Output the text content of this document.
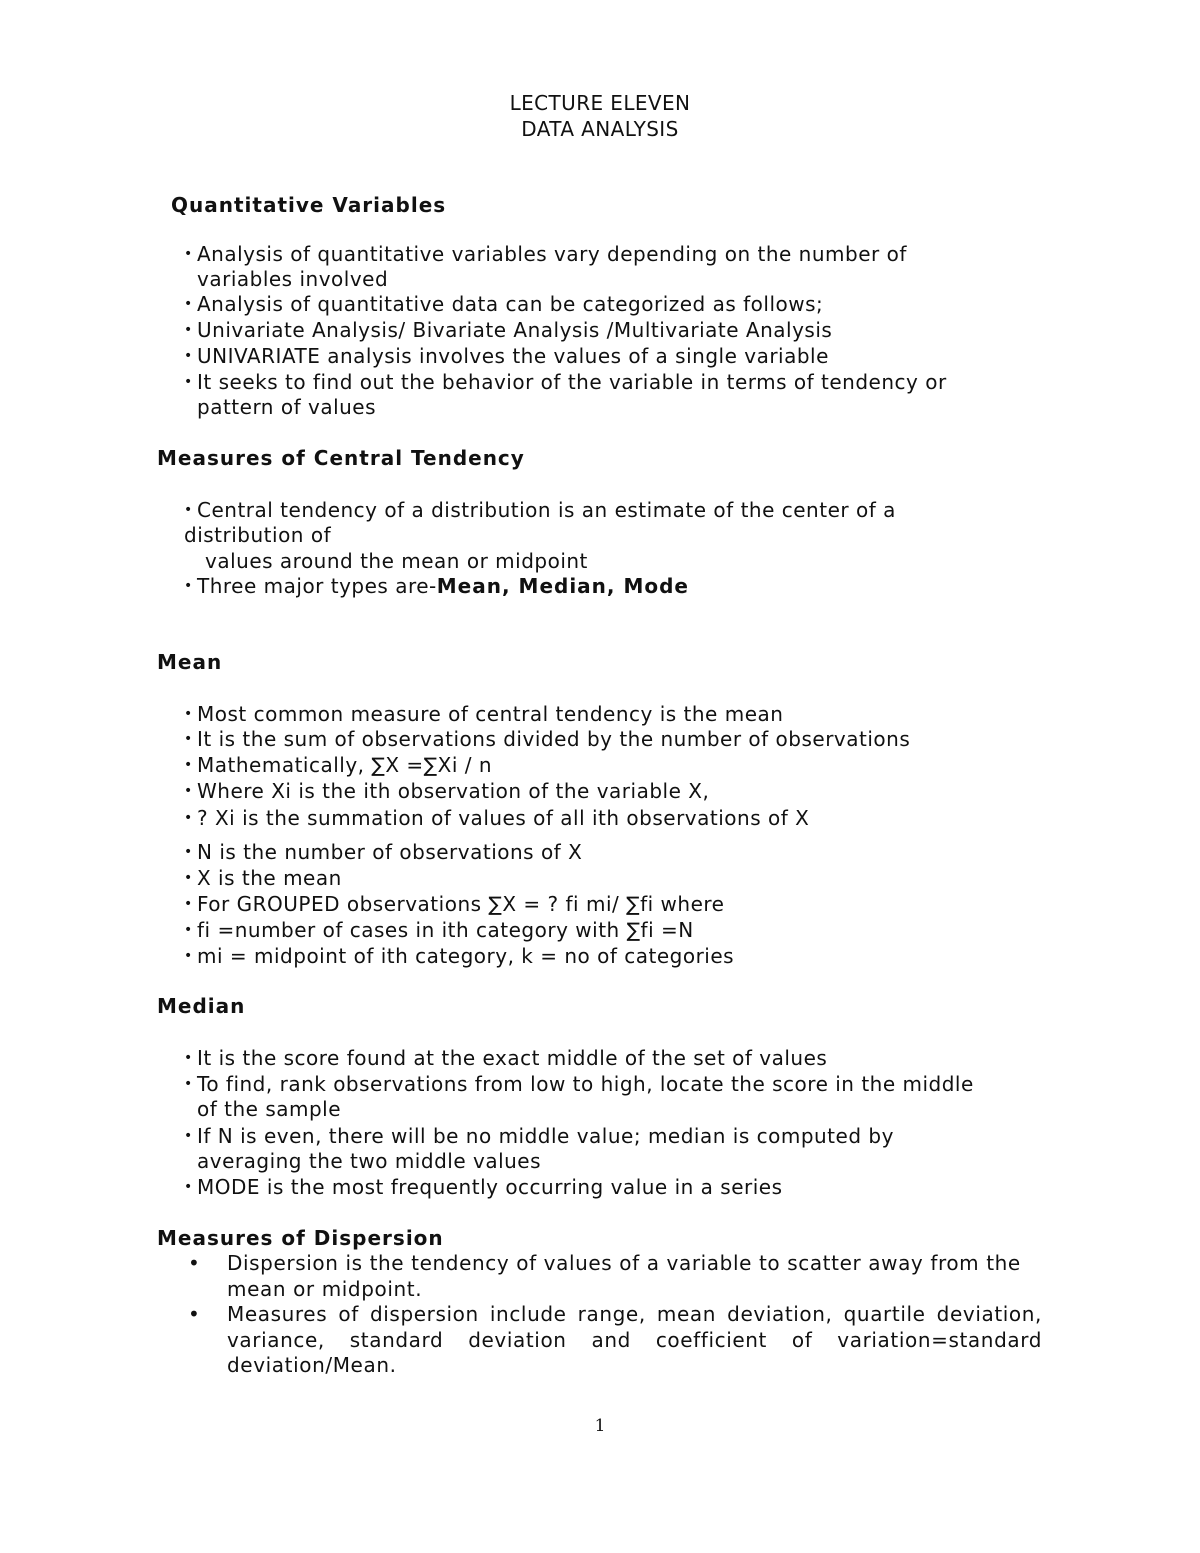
LECTURE ELEVEN
DATA ANALYSIS
Quantitative Variables
• Analysis of quantitative variables vary depending on the number of
variables involved
• Analysis of quantitative data can be categorized as follows;
• Univariate Analysis/ Bivariate Analysis /Multivariate Analysis
• UNIVARIATE analysis involves the values of a single variable
• It seeks to find out the behavior of the variable in terms of tendency or
pattern of values
Measures of Central Tendency
• Central tendency of a distribution is an estimate of the center of a
distribution of
values around the mean or midpoint
• Three major types are-Mean, Median, Mode
Mean
• Most common measure of central tendency is the mean
• It is the sum of observations divided by the number of observations
• Mathematically, ∑X =∑Xi / n
• Where Xi is the ith observation of the variable X,
• ? Xi is the summation of values of all ith observations of X
• N is the number of observations of X
• X is the mean
• For GROUPED observations ∑X = ? fi mi/ ∑fi where
• fi =number of cases in ith category with ∑fi =N
• mi = midpoint of ith category, k = no of categories
Median
• It is the score found at the exact middle of the set of values
• To find, rank observations from low to high, locate the score in the middle
of the sample
• If N is even, there will be no middle value; median is computed by
averaging the two middle values
• MODE is the most frequently occurring value in a series
Measures of Dispersion
• Dispersion is the tendency of values of a variable to scatter away from the mean or midpoint.
• Measures of dispersion include range, mean deviation, quartile deviation, variance, standard deviation and coefficient of variation=standard      deviation/Mean.
1
